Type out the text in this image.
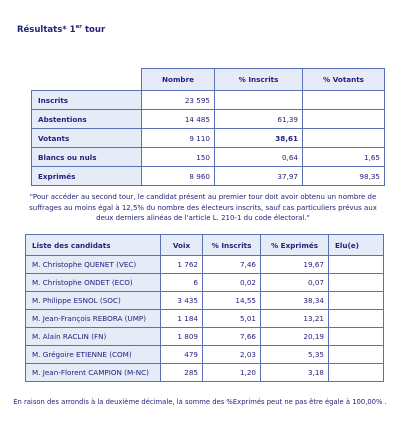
Résultats* 1er tour
	Nombre	% Inscrits	% Votants
Inscrits	23 595		
Abstentions	14 485	61,39	
Votants	9 110	38,61	
Blancs ou nuls	150	0,64	1,65
Exprimés	8 960	37,97	98,35
"Pour accéder au second tour, le candidat présent au premier tour doit avoir obtenu un nombre de suffrages au moins égal à 12,5% du nombre des électeurs inscrits, sauf cas particuliers prévus aux deux derniers alinéas de l'article L. 210-1 du code électoral."
Liste des candidats	Voix	% Inscrits	% Exprimés	Elu(e)
M. Christophe QUENET (VEC)	1 762	7,46	19,67	
M. Christophe ONDET (ECO)	6	0,02	0,07	
M. Philippe ESNOL (SOC)	3 435	14,55	38,34	
M. Jean-François REBORA (UMP)	1 184	5,01	13,21	
M. Alain RACLIN (FN)	1 809	7,66	20,19	
M. Grégoire ETIENNE (COM)	479	2,03	5,35	
M. Jean-Florent CAMPION (M-NC)	285	1,20	3,18	
En raison des arrondis à la deuxième décimale, la somme des %Exprimés peut ne pas être égale à 100,00% .
